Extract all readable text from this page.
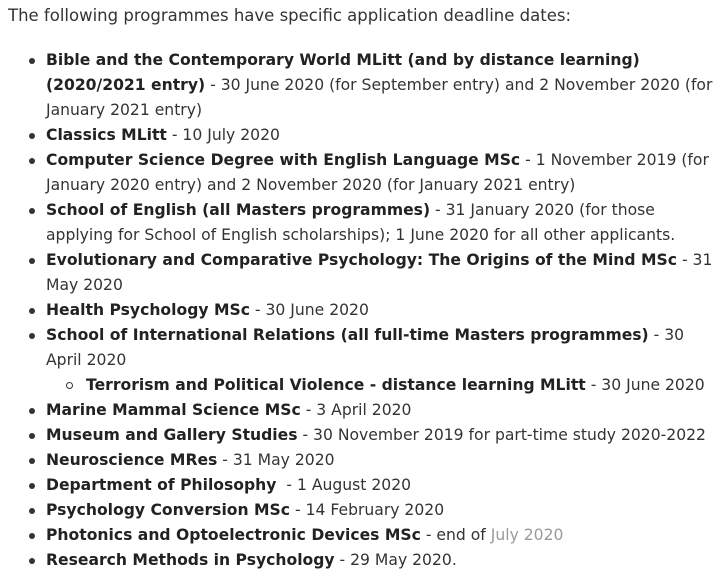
The following programmes have specific application deadline dates:

Bible and the Contemporary World MLitt (and by distance learning) (2020/2021 entry) - 30 June 2020 (for September entry) and 2 November 2020 (for January 2021 entry)
Classics MLitt - 10 July 2020
Computer Science Degree with English Language MSc - 1 November 2019 (for January 2020 entry) and 2 November 2020 (for January 2021 entry)
School of English (all Masters programmes) - 31 January 2020 (for those applying for School of English scholarships); 1 June 2020 for all other applicants.
Evolutionary and Comparative Psychology: The Origins of the Mind MSc - 31 May 2020
Health Psychology MSc - 30 June 2020
School of International Relations (all full-time Masters programmes) - 30 April 2020
Terrorism and Political Violence - distance learning MLitt - 30 June 2020
Marine Mammal Science MSc - 3 April 2020
Museum and Gallery Studies - 30 November 2019 for part-time study 2020-2022
Neuroscience MRes - 31 May 2020
Department of Philosophy  - 1 August 2020
Psychology Conversion MSc - 14 February 2020
Photonics and Optoelectronic Devices MSc - end of July 2020
Research Methods in Psychology - 29 May 2020.
